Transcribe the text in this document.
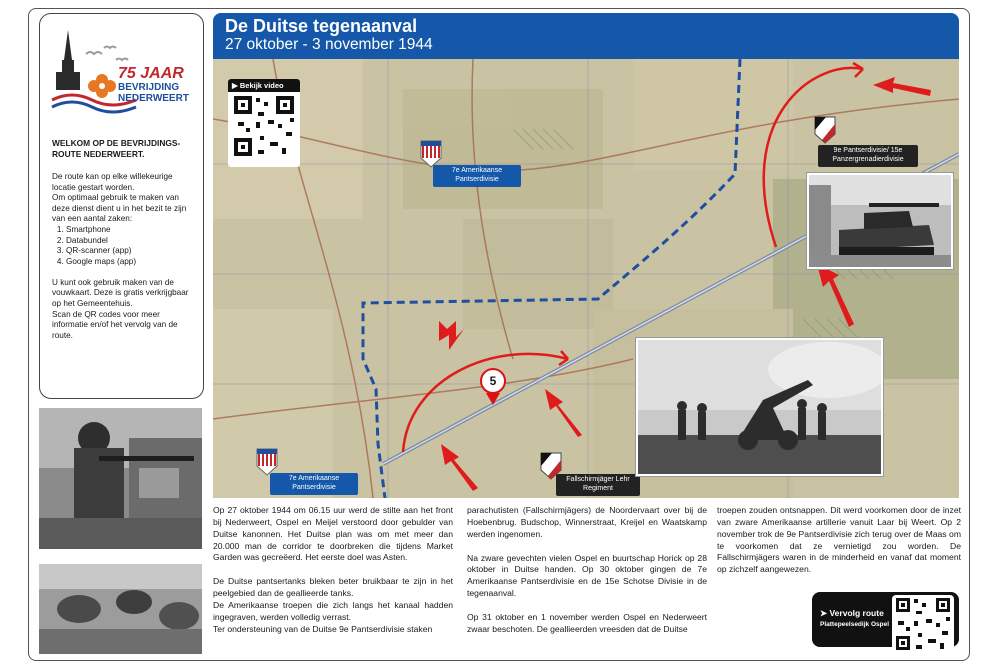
75 JAAR
BEVRIJDING
NEDERWEERT
WELKOM OP DE BEVRIJDINGS-ROUTE NEDERWEERT.

De route kan op elke willekeurige locatie gestart worden.

Om optimaal gebruik te maken van deze dienst dient u in het bezit te zijn van een aantal zaken:

1. Smartphone
2. Databundel
3. QR-scanner (app)
4. Google maps (app)

U kunt ook gebruik maken van de vouwkaart. Deze is gratis verkrijgbaar op het Gemeentehuis.

Scan de QR codes voor meer informatie en/of het vervolg van de route.

De Duitse tegenaanval
27 oktober - 3 november 1944
▶ Bekijk video
7e Amerikaanse Pantserdivisie
7e Amerikaanse Pantserdivisie
9e Pantserdivisie/ 15e Panzergrenadierdivisie
Fallschirmjäger Lehr Regiment
5

Op 27 oktober 1944 om 06.15 uur werd de stilte aan het front bij Nederweert, Ospel en Meijel verstoord door gebulder van Duitse kanonnen. Het Duitse plan was om met meer dan 20.000 man de corridor te doorbreken die tijdens Market Garden was gecreëerd. Het eerste doel was Asten.

De Duitse pantsertanks bleken beter bruikbaar te zijn in het peelgebied dan de geallieerde tanks.

De Amerikaanse troepen die zich langs het kanaal hadden ingegraven, werden volledig verrast.

Ter ondersteuning van de Duitse 9e Pantserdivisie staken

parachutisten (Fallschirmjägers) de Noordervaart over bij de Hoebenbrug. Budschop, Winnerstraat, Kreijel en Waatskamp werden ingenomen.

Na zware gevechten vielen Ospel en buurtschap Horick op 28 oktober in Duitse handen. Op 30 oktober gingen de 7e Amerikaanse Pantserdivisie en de 15e Schotse Divisie in de tegenaanval.

Op 31 oktober en 1 november werden Ospel en Nederweert zwaar beschoten. De geallieerden vreesden dat de Duitse

troepen zouden ontsnappen. Dit werd voorkomen door de inzet van zware Amerikaanse artillerie vanuit Laar bij Weert. Op 2 november trok de 9e Pantserdivisie zich terug over de Maas om te voorkomen dat ze vernietigd zou worden. De Fallschirmjägers waren in de minderheid en vanaf dat moment op zichzelf aangewezen.

➤ Vervolg route
Plattepeelsedijk Ospel
